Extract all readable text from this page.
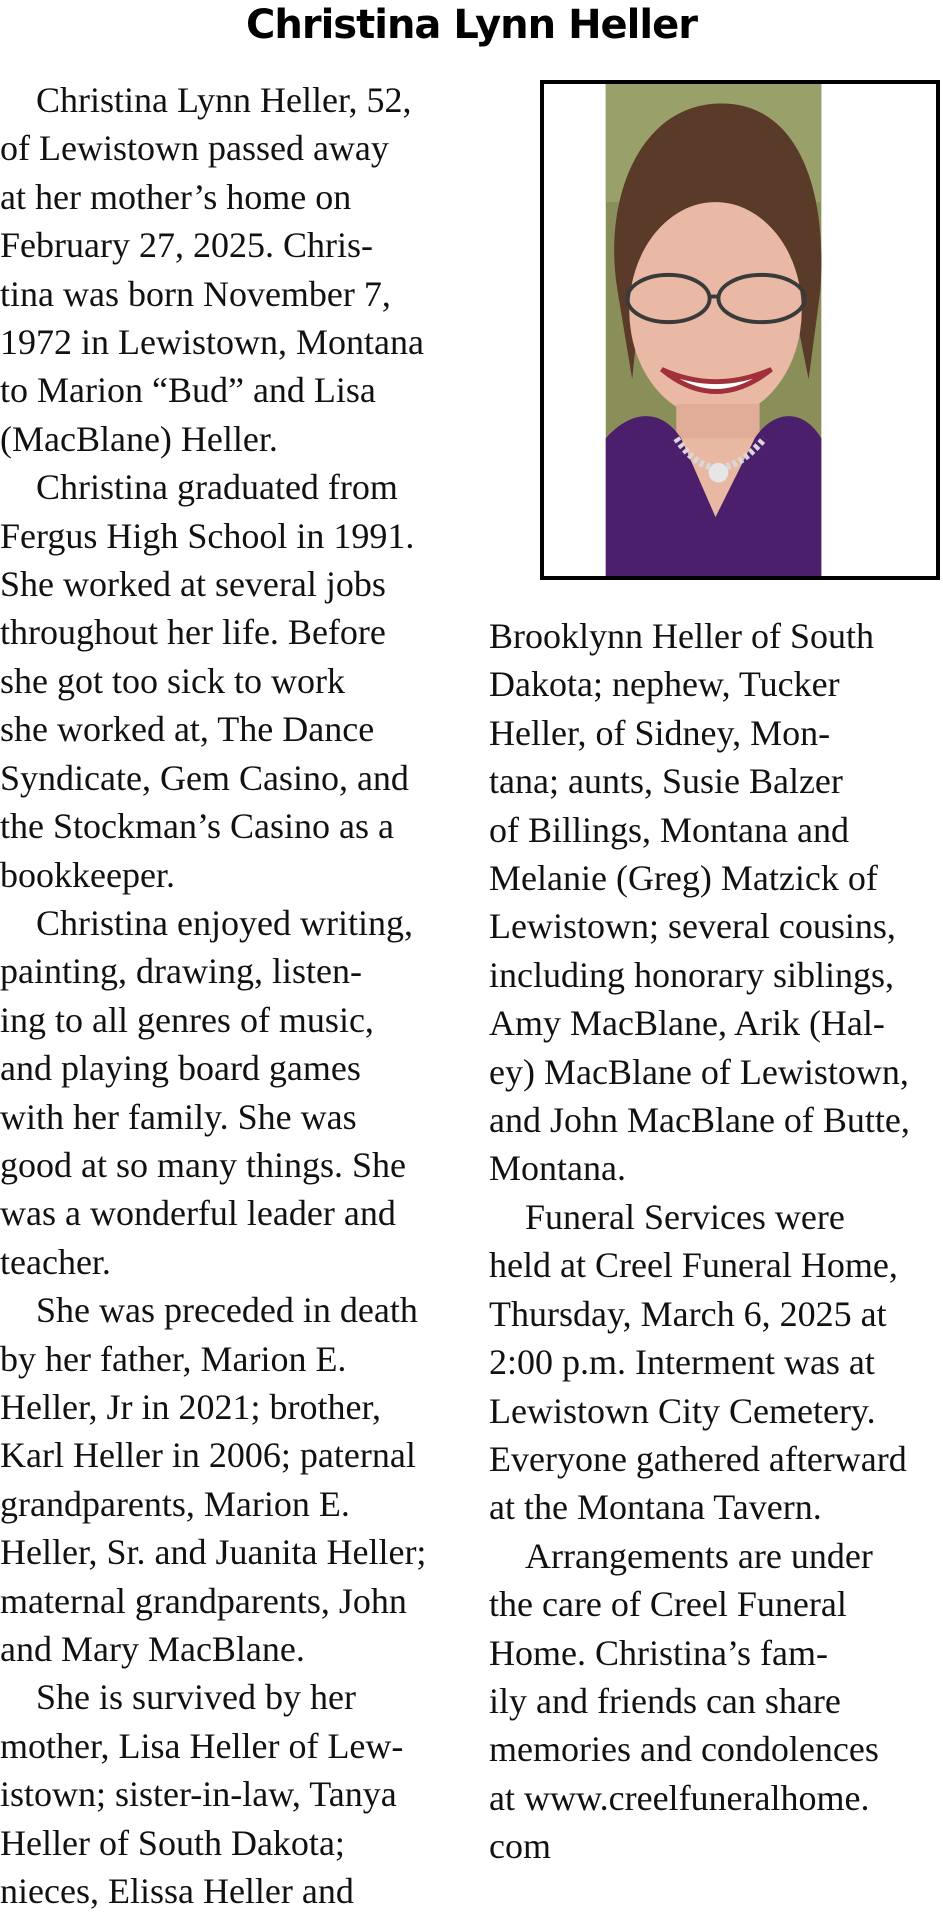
Christina Lynn Heller
 Christina Lynn Heller, 52,
of Lewistown passed away
at her mother’s home on
February 27, 2025. Chris-
tina was born November 7,
1972 in Lewistown, Montana
to Marion “Bud” and Lisa
(MacBlane) Heller.
 Christina graduated from
Fergus High School in 1991.
She worked at several jobs
throughout her life. Before
she got too sick to work
she worked at, The Dance
Syndicate, Gem Casino, and
the Stockman’s Casino as a
bookkeeper.
 Christina enjoyed writing,
painting, drawing, listen-
ing to all genres of music,
and playing board games
with her family. She was
good at so many things. She
was a wonderful leader and
teacher.
 She was preceded in death
by her father, Marion E.
Heller, Jr in 2021; brother,
Karl Heller in 2006; paternal
grandparents, Marion E.
Heller, Sr. and Juanita Heller;
maternal grandparents, John
and Mary MacBlane.
 She is survived by her
mother, Lisa Heller of Lew-
istown; sister-in-law, Tanya
Heller of South Dakota;
nieces, Elissa Heller and
Brooklynn Heller of South
Dakota; nephew, Tucker
Heller, of Sidney, Mon-
tana; aunts, Susie Balzer
of Billings, Montana and
Melanie (Greg) Matzick of
Lewistown; several cousins,
including honorary siblings,
Amy MacBlane, Arik (Hal-
ey) MacBlane of Lewistown,
and John MacBlane of Butte,
Montana.
 Funeral Services were
held at Creel Funeral Home,
Thursday, March 6, 2025 at
2:00 p.m. Interment was at
Lewistown City Cemetery.
Everyone gathered afterward
at the Montana Tavern.
 Arrangements are under
the care of Creel Funeral
Home. Christina’s fam-
ily and friends can share
memories and condolences
at www.creelfuneralhome.
com
